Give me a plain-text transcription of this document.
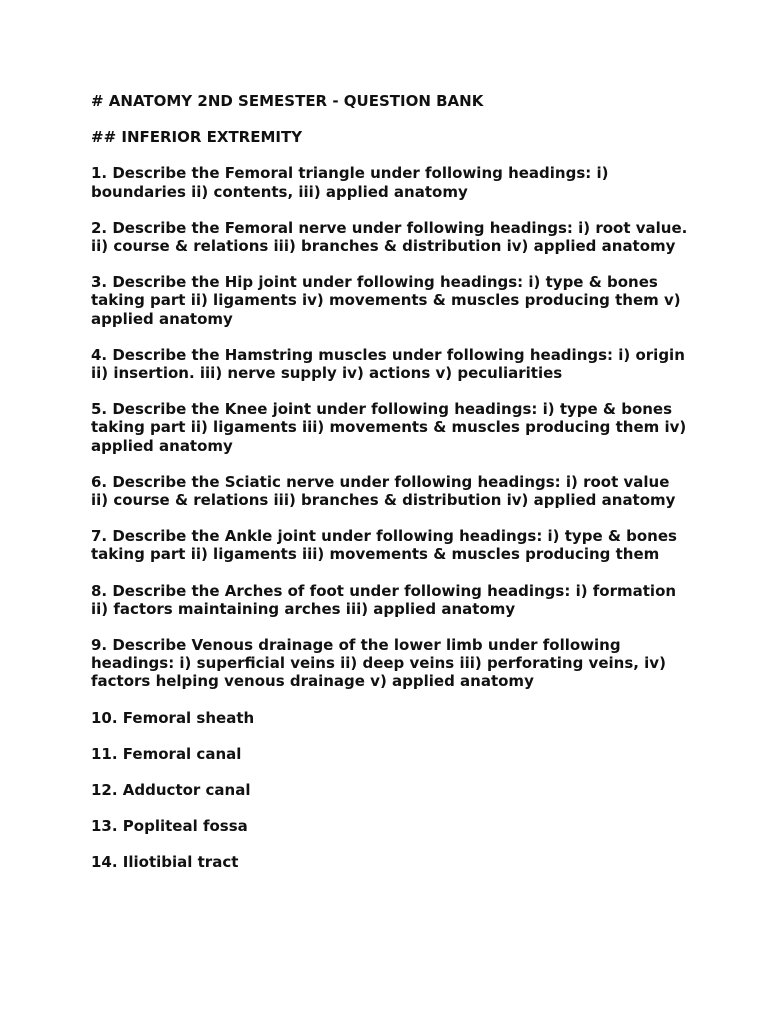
# ANATOMY 2ND SEMESTER - QUESTION BANK

## INFERIOR EXTREMITY

1. Describe the Femoral triangle under following headings: i) boundaries ii) contents, iii) applied anatomy
2. Describe the Femoral nerve under following headings: i) root value. ii) course & relations iii) branches & distribution iv) applied anatomy
3. Describe the Hip joint under following headings: i) type & bones taking part ii) ligaments iv) movements & muscles producing them v) applied anatomy
4. Describe the Hamstring muscles under following headings: i) origin ii) insertion. iii) nerve supply iv) actions v) peculiarities
5. Describe the Knee joint under following headings: i) type & bones taking part ii) ligaments iii) movements & muscles producing them iv) applied anatomy
6. Describe the Sciatic nerve under following headings: i) root value ii) course & relations iii) branches & distribution iv) applied anatomy
7. Describe the Ankle joint under following headings: i) type & bones taking part ii) ligaments iii) movements & muscles producing them
8. Describe the Arches of foot under following headings: i) formation ii) factors maintaining arches iii) applied anatomy
9. Describe Venous drainage of the lower limb under following headings: i) superficial veins ii) deep veins iii) perforating veins, iv) factors helping venous drainage v) applied anatomy
10. Femoral sheath
11. Femoral canal
12. Adductor canal
13. Popliteal fossa
14. Iliotibial tract
